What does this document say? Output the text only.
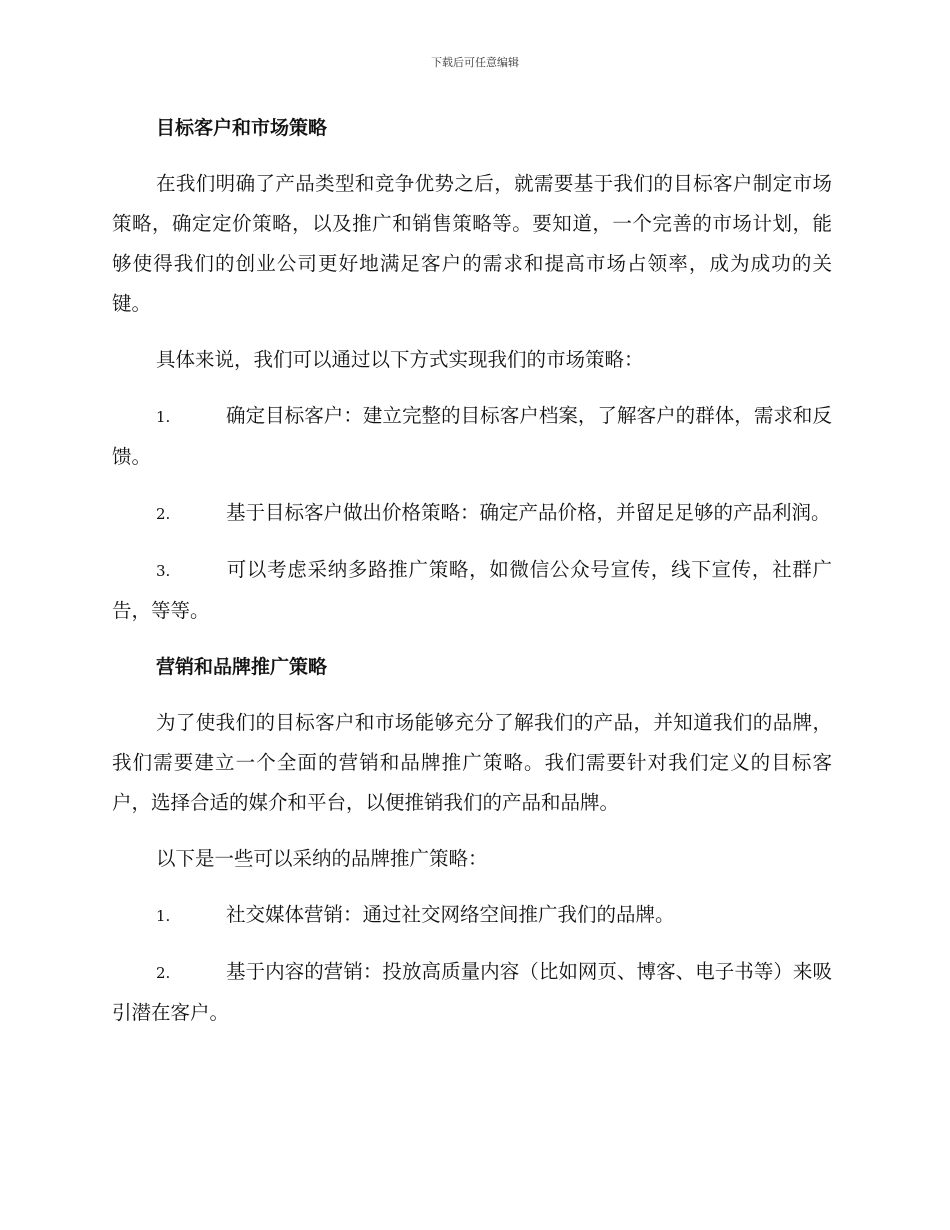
下载后可任意编辑
目标客户和市场策略

在我们明确了产品类型和竞争优势之后，就需要基于我们的目标客户制定市场策略，确定定价策略，以及推广和销售策略等。要知道，一个完善的市场计划，能够使得我们的创业公司更好地满足客户的需求和提高市场占领率，成为成功的关键。

具体来说，我们可以通过以下方式实现我们的市场策略：

1.	确定目标客户：建立完整的目标客户档案，了解客户的群体，需求和反馈。
2.	基于目标客户做出价格策略：确定产品价格，并留足足够的产品利润。
3.	可以考虑采纳多路推广策略，如微信公众号宣传，线下宣传，社群广告，等等。
营销和品牌推广策略

为了使我们的目标客户和市场能够充分了解我们的产品，并知道我们的品牌，我们需要建立一个全面的营销和品牌推广策略。我们需要针对我们定义的目标客户，选择合适的媒介和平台，以便推销我们的产品和品牌。

以下是一些可以采纳的品牌推广策略：

1.	社交媒体营销：通过社交网络空间推广我们的品牌。
2.	基于内容的营销：投放高质量内容（比如网页、博客、电子书等）来吸引潜在客户。
